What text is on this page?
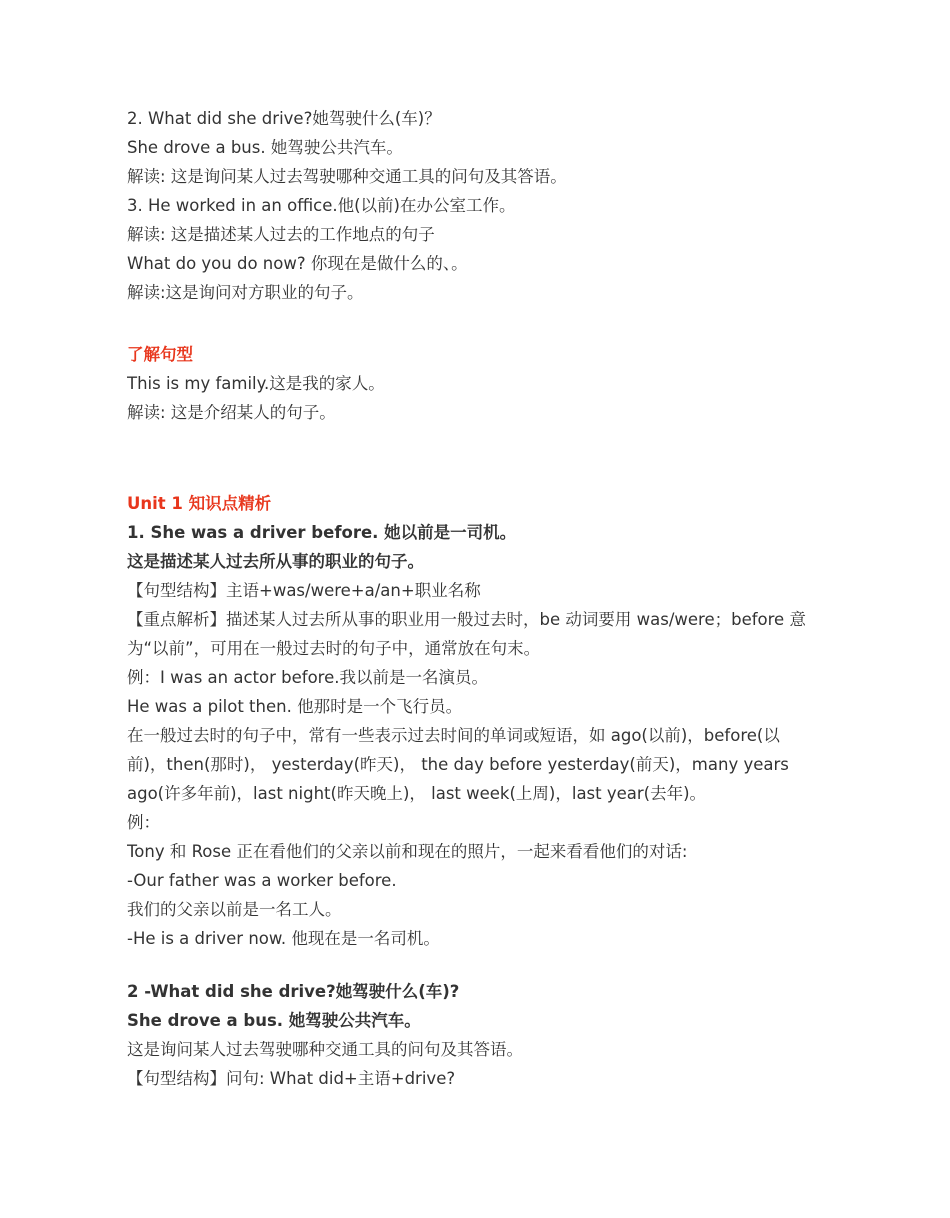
2. What did she drive?她驾驶什么(车)？
She drove a bus. 她驾驶公共汽车。
解读: 这是询问某人过去驾驶哪种交通工具的问句及其答语。
3. He worked in an office.他(以前)在办公室工作。
解读: 这是描述某人过去的工作地点的句子
What do you do now? 你现在是做什么的、。
解读:这是询问对方职业的句子。
了解句型
This is my family.这是我的家人。
解读: 这是介绍某人的句子。
Unit 1 知识点精析
1. She was a driver before. 她以前是一司机。
这是描述某人过去所从事的职业的句子。
【句型结构】主语+was/were+a/an+职业名称
【重点解析】描述某人过去所从事的职业用一般过去时，be 动词要用 was/were；before 意为“以前”，可用在一般过去时的句子中，通常放在句末。
例：I was an actor before.我以前是一名演员。
He was a pilot then. 他那时是一个飞行员。
在一般过去时的句子中，常有一些表示过去时间的单词或短语，如 ago(以前)，before(以前)，then(那时)， yesterday(昨天)， the day before yesterday(前天)，many years ago(许多年前)，last night(昨天晚上)， last week(上周)，last year(去年)。
例：
Tony 和 Rose 正在看他们的父亲以前和现在的照片，一起来看看他们的对话:
-Our father was a worker before.
我们的父亲以前是一名工人。
-He is a driver now. 他现在是一名司机。
2 -What did she drive?她驾驶什么(车)?
She drove a bus. 她驾驶公共汽车。
这是询问某人过去驾驶哪种交通工具的问句及其答语。
【句型结构】问句: What did+主语+drive?
